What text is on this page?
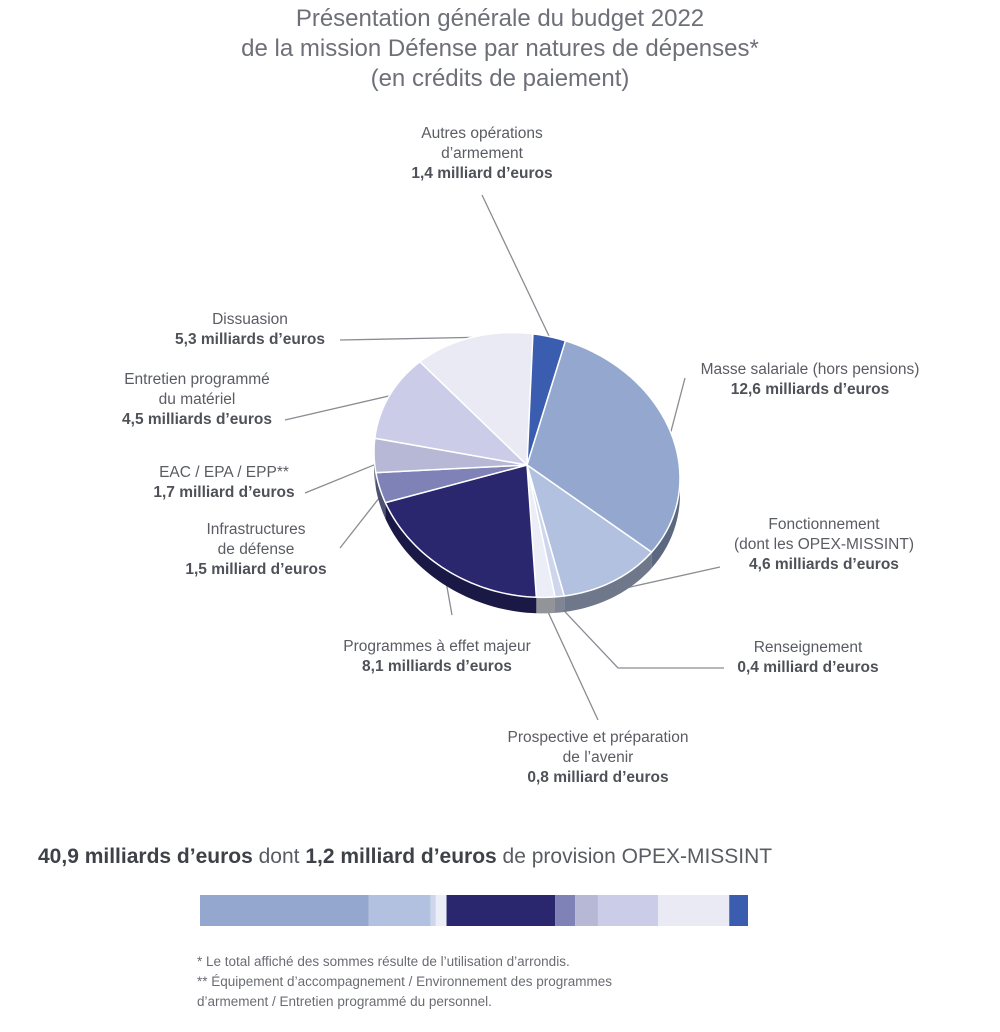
Présentation générale du budget 2022
de la mission Défense par natures de dépenses*
(en crédits de paiement)
Autres opérations
d’armement
1,4 milliard d’euros
Masse salariale (hors pensions)
12,6 milliards d’euros
Dissuasion
5,3 milliards d’euros
Entretien programmé
du matériel
4,5 milliards d’euros
EAC / EPA / EPP**
1,7 milliard d’euros
Infrastructures
de défense
1,5 milliard d’euros
Fonctionnement
(dont les OPEX-MISSINT)
4,6 milliards d’euros
Programmes à effet majeur
8,1 milliards d’euros
Renseignement
0,4 milliard d’euros
Prospective et préparation
de l’avenir
0,8 milliard d’euros
40,9 milliards d’euros dont 1,2 milliard d’euros de provision OPEX-MISSINT
* Le total affiché des sommes résulte de l’utilisation d’arrondis.
** Équipement d’accompagnement / Environnement des programmes
d’armement / Entretien programmé du personnel.
